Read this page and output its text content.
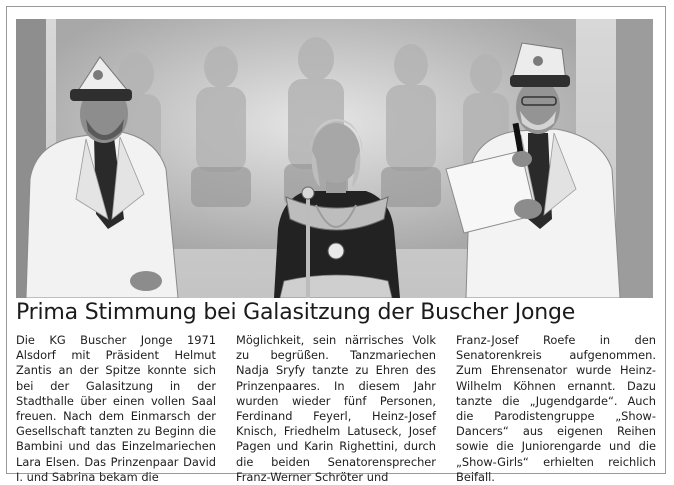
Prima Stimmung bei Galasitzung der Buscher Jonge

Die KG Buscher Jonge 1971 Alsdorf mit Präsident Helmut Zantis an der Spitze konnte sich bei der Galasitzung in der Stadthalle über einen vollen Saal freuen. Nach dem Einmarsch der Gesellschaft tanzten zu Beginn die Bambini und das Einzelmariechen Lara Elsen. Das Prinzenpaar David I. und Sabrina bekam die

Möglichkeit, sein närrisches Volk zu begrüßen. Tanzmariechen Nadja Sryfy tanzte zu Ehren des Prinzenpaares. In diesem Jahr wurden wieder fünf Personen, Ferdinand Feyerl, Heinz-Josef Knisch, Friedhelm Latuseck, Josef Pagen und Karin Righettini, durch die beiden Senatorensprecher Franz-Werner Schröter und

Franz-Josef Roefe in den Senatorenkreis aufgenommen. Zum Ehrensenator wurde Heinz-Wilhelm Köhnen ernannt. Dazu tanzte die „Jugendgarde“. Auch die Parodistengruppe „Show-Dancers“ aus eigenen Reihen sowie die Juniorengarde und die „Show-Girls“ erhielten reichlich Beifall.
